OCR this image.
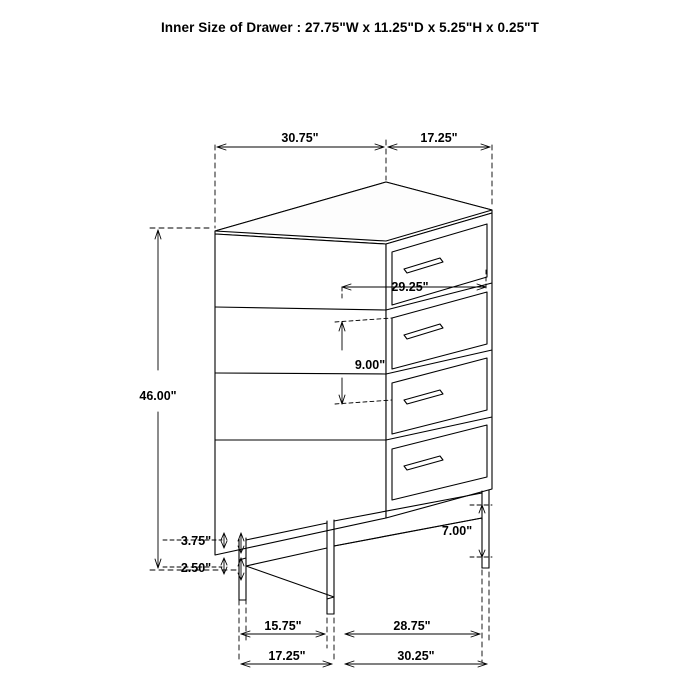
Inner Size of Drawer : 27.75"W x 11.25"D x 5.25"H x 0.25"T
30.75"	17.25"
46.00"
29.25"
9.00"
3.75"
2.50"
7.00"
15.75"	28.75"
17.25"	30.25"
